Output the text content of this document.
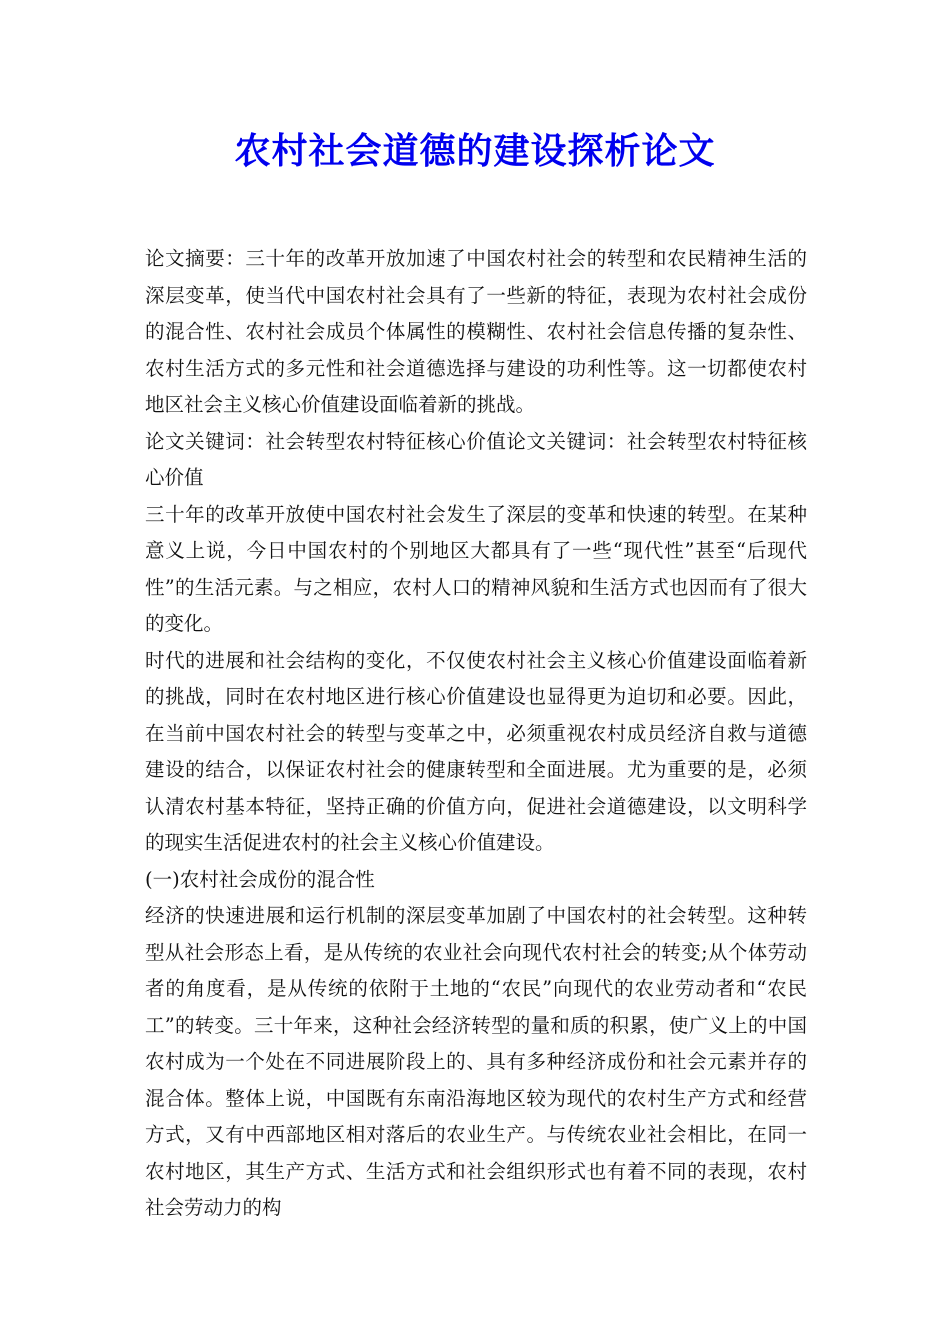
农村社会道德的建设探析论文

论文摘要：三十年的改革开放加速了中国农村社会的转型和农民精神生活的深层变革，使当代中国农村社会具有了一些新的特征，表现为农村社会成份的混合性、农村社会成员个体属性的模糊性、农村社会信息传播的复杂性、农村生活方式的多元性和社会道德选择与建设的功利性等。这一切都使农村地区社会主义核心价值建设面临着新的挑战。

论文关键词：社会转型农村特征核心价值论文关键词：社会转型农村特征核心价值

三十年的改革开放使中国农村社会发生了深层的变革和快速的转型。在某种意义上说，今日中国农村的个别地区大都具有了一些“现代性”甚至“后现代性”的生活元素。与之相应，农村人口的精神风貌和生活方式也因而有了很大的变化。

时代的进展和社会结构的变化，不仅使农村社会主义核心价值建设面临着新的挑战，同时在农村地区进行核心价值建设也显得更为迫切和必要。因此，在当前中国农村社会的转型与变革之中，必须重视农村成员经济自救与道德建设的结合，以保证农村社会的健康转型和全面进展。尤为重要的是，必须认清农村基本特征，坚持正确的价值方向，促进社会道德建设，以文明科学的现实生活促进农村的社会主义核心价值建设。

(一)农村社会成份的混合性

经济的快速进展和运行机制的深层变革加剧了中国农村的社会转型。这种转型从社会形态上看，是从传统的农业社会向现代农村社会的转变;从个体劳动者的角度看，是从传统的依附于土地的“农民”向现代的农业劳动者和“农民工”的转变。三十年来，这种社会经济转型的量和质的积累，使广义上的中国农村成为一个处在不同进展阶段上的、具有多种经济成份和社会元素并存的混合体。整体上说，中国既有东南沿海地区较为现代的农村生产方式和经营方式，又有中西部地区相对落后的农业生产。与传统农业社会相比，在同一农村地区，其生产方式、生活方式和社会组织形式也有着不同的表现，农村社会劳动力的构
